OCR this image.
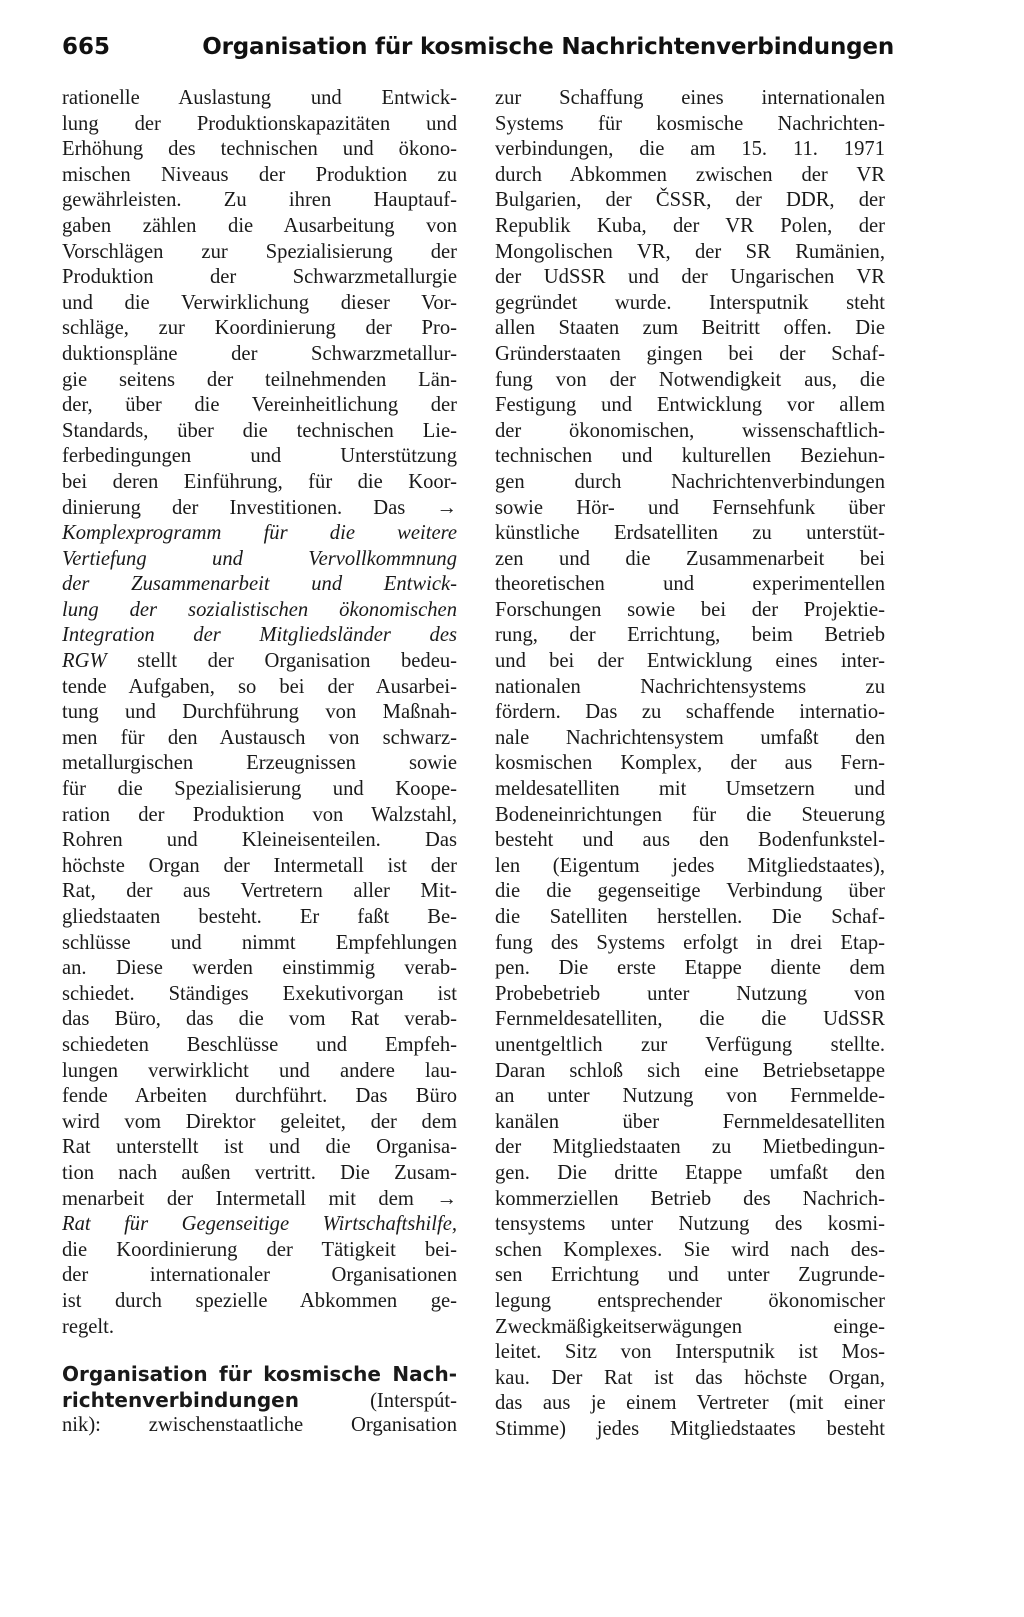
665	Organisation für kosmische Nachrichtenverbindungen
rationelle Auslastung und Entwick-
lung der Produktionskapazitäten und
Erhöhung des technischen und ökono-
mischen Niveaus der Produktion zu
gewährleisten. Zu ihren Hauptauf-
gaben zählen die Ausarbeitung von
Vorschlägen zur Spezialisierung der
Produktion der Schwarzmetallurgie
und die Verwirklichung dieser Vor-
schläge, zur Koordinierung der Pro-
duktionspläne der Schwarzmetallur-
gie seitens der teilnehmenden Län-
der, über die Vereinheitlichung der
Standards, über die technischen Lie-
ferbedingungen und Unterstützung
bei deren Einführung, für die Koor-
dinierung der Investitionen. Das →
Komplexprogramm für die weitere
Vertiefung und Vervollkommnung
der Zusammenarbeit und Entwick-
lung der sozialistischen ökonomischen
Integration der Mitgliedsländer des
RGW stellt der Organisation bedeu-
tende Aufgaben, so bei der Ausarbei-
tung und Durchführung von Maßnah-
men für den Austausch von schwarz-
metallurgischen Erzeugnissen sowie
für die Spezialisierung und Koope-
ration der Produktion von Walzstahl,
Rohren und Kleineisenteilen. Das
höchste Organ der Intermetall ist der
Rat, der aus Vertretern aller Mit-
gliedstaaten besteht. Er faßt Be-
schlüsse und nimmt Empfehlungen
an. Diese werden einstimmig verab-
schiedet. Ständiges Exekutivorgan ist
das Büro, das die vom Rat verab-
schiedeten Beschlüsse und Empfeh-
lungen verwirklicht und andere lau-
fende Arbeiten durchführt. Das Büro
wird vom Direktor geleitet, der dem
Rat unterstellt ist und die Organisa-
tion nach außen vertritt. Die Zusam-
menarbeit der Intermetall mit dem →
Rat für Gegenseitige Wirtschaftshilfe,
die Koordinierung der Tätigkeit bei-
der internationaler Organisationen
ist durch spezielle Abkommen ge-
regelt.
Organisation für kosmische Nach-
richtenverbindungen	(Interspút-
nik): zwischenstaatliche Organisation
zur Schaffung eines internationalen
Systems für kosmische Nachrichten-
verbindungen, die am 15. 11. 1971
durch Abkommen zwischen der VR
Bulgarien, der ČSSR, der DDR, der
Republik Kuba, der VR Polen, der
Mongolischen VR, der SR Rumänien,
der UdSSR und der Ungarischen VR
gegründet wurde. Intersputnik steht
allen Staaten zum Beitritt offen. Die
Gründerstaaten gingen bei der Schaf-
fung von der Notwendigkeit aus, die
Festigung und Entwicklung vor allem
der ökonomischen, wissenschaftlich-
technischen und kulturellen Beziehun-
gen durch Nachrichtenverbindungen
sowie Hör- und Fernsehfunk über
künstliche Erdsatelliten zu unterstüt-
zen und die Zusammenarbeit bei
theoretischen und experimentellen
Forschungen sowie bei der Projektie-
rung, der Errichtung, beim Betrieb
und bei der Entwicklung eines inter-
nationalen Nachrichtensystems zu
fördern. Das zu schaffende internatio-
nale Nachrichtensystem umfaßt den
kosmischen Komplex, der aus Fern-
meldesatelliten mit Umsetzern und
Bodeneinrichtungen für die Steuerung
besteht und aus den Bodenfunkstel-
len (Eigentum jedes Mitgliedstaates),
die die gegenseitige Verbindung über
die Satelliten herstellen. Die Schaf-
fung des Systems erfolgt in drei Etap-
pen. Die erste Etappe diente dem
Probebetrieb unter Nutzung von
Fernmeldesatelliten, die die UdSSR
unentgeltlich zur Verfügung stellte.
Daran schloß sich eine Betriebsetappe
an unter Nutzung von Fernmelde-
kanälen über Fernmeldesatelliten
der Mitgliedstaaten zu Mietbedingun-
gen. Die dritte Etappe umfaßt den
kommerziellen Betrieb des Nachrich-
tensystems unter Nutzung des kosmi-
schen Komplexes. Sie wird nach des-
sen Errichtung und unter Zugrunde-
legung entsprechender ökonomischer
Zweckmäßigkeitserwägungen einge-
leitet. Sitz von Intersputnik ist Mos-
kau. Der Rat ist das höchste Organ,
das aus je einem Vertreter (mit einer
Stimme) jedes Mitgliedstaates besteht
